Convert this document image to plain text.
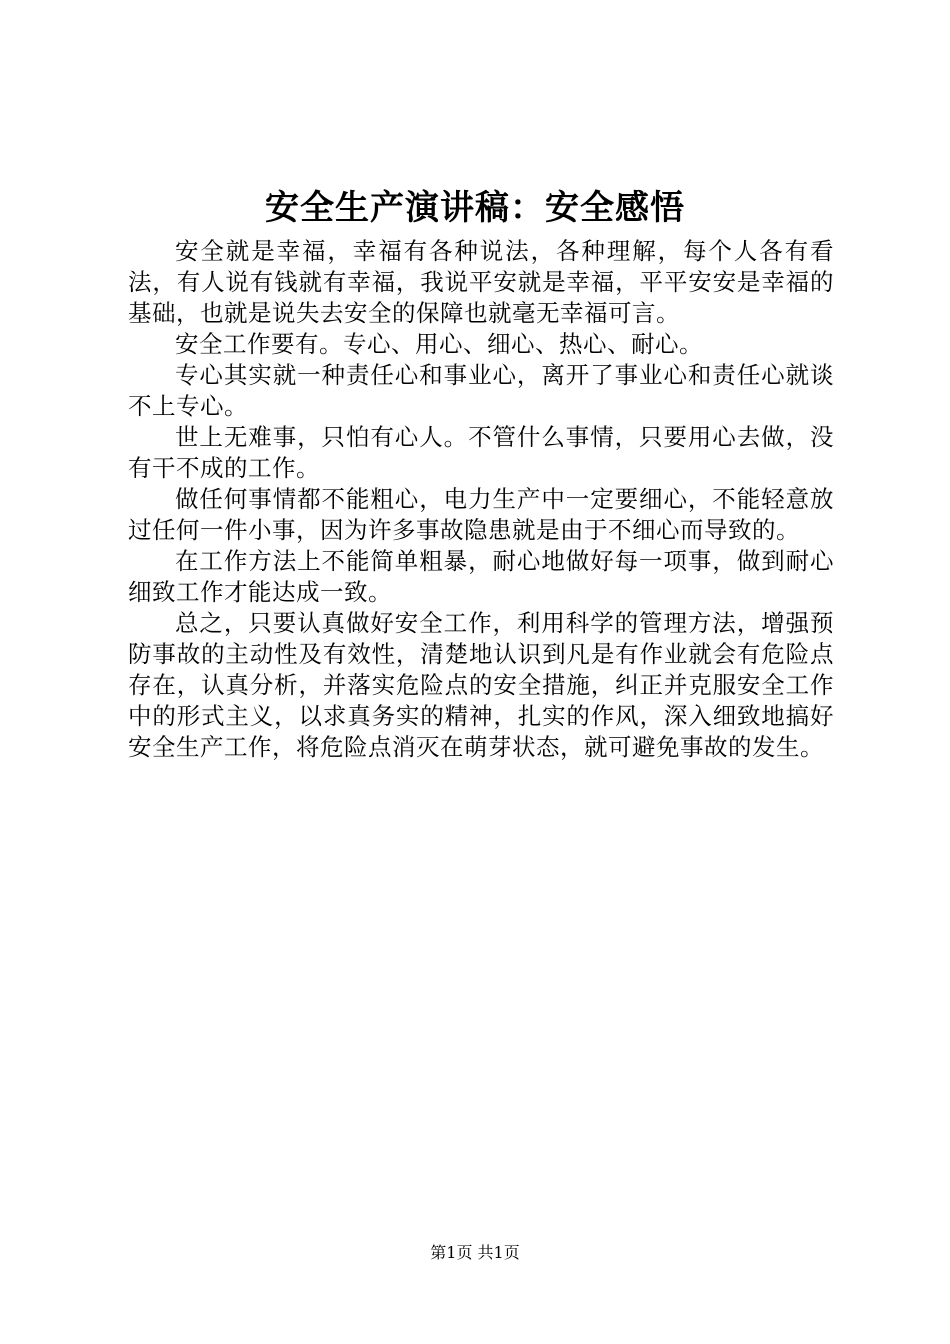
安全生产演讲稿：安全感悟

安全就是幸福，幸福有各种说法，各种理解，每个人各有看法，有人说有钱就有幸福，我说平安就是幸福，平平安安是幸福的基础，也就是说失去安全的保障也就毫无幸福可言。

安全工作要有。专心、用心、细心、热心、耐心。

专心其实就一种责任心和事业心，离开了事业心和责任心就谈不上专心。

世上无难事，只怕有心人。不管什么事情，只要用心去做，没有干不成的工作。

做任何事情都不能粗心，电力生产中一定要细心，不能轻意放过任何一件小事，因为许多事故隐患就是由于不细心而导致的。

在工作方法上不能简单粗暴，耐心地做好每一项事，做到耐心细致工作才能达成一致。

总之，只要认真做好安全工作，利用科学的管理方法，增强预防事故的主动性及有效性，清楚地认识到凡是有作业就会有危险点存在，认真分析，并落实危险点的安全措施，纠正并克服安全工作中的形式主义，以求真务实的精神，扎实的作风，深入细致地搞好安全生产工作，将危险点消灭在萌芽状态，就可避免事故的发生。

第1页 共1页
